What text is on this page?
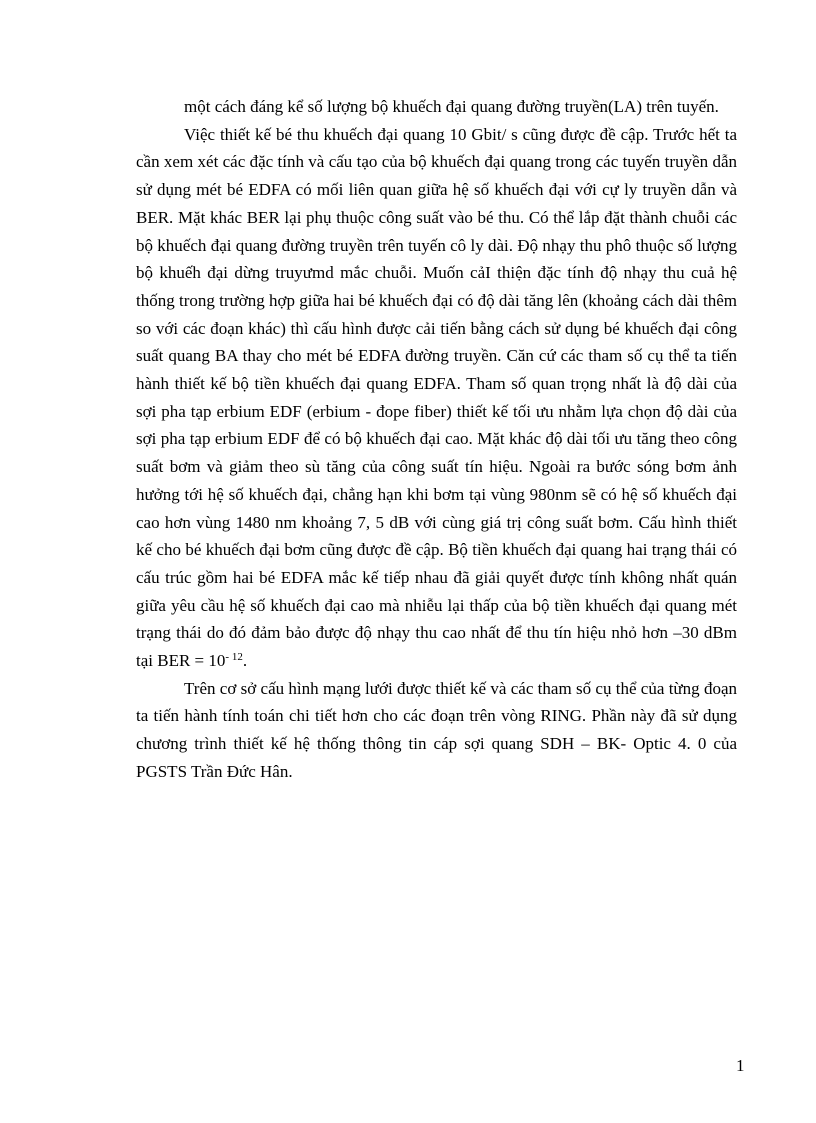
một cách đáng kể số lượng bộ khuếch đại quang đường truyền(LA) trên tuyến.

Việc thiết kế bé thu khuếch đại quang 10 Gbit/ s cũng được đề cập. Trước hết ta cần xem xét các đặc tính và cấu tạo của bộ khuếch đại quang trong các tuyến truyền dẫn sử dụng mét bé EDFA có mối liên quan giữa hệ số khuếch đại với cự ly truyền dẫn và BER. Mặt khác BER lại phụ thuộc công suất vào bé thu. Có thể lắp đặt thành chuỗi các bộ khuếch đại quang đường truyền trên tuyến cô ly dài. Độ nhạy thu phô thuộc số lượng bộ khuếh đại dừng truyưmd mắc chuỗi. Muốn cảI thiện đặc tính độ nhạy thu cuả hệ thống trong trường hợp giữa hai bé khuếch đại có độ dài tăng lên (khoảng cách dài thêm so với các đoạn khác) thì cấu hình được cải tiến bằng cách sử dụng bé khuếch đại công suất quang BA thay cho mét bé EDFA đường truyền. Căn cứ các tham số cụ thể ta tiến hành thiết kế bộ tiền khuếch đại quang EDFA. Tham số quan trọng nhất là độ dài của sợi pha tạp erbium EDF (erbium - đope fiber) thiết kế tối ưu nhằm lựa chọn độ dài của sợi pha tạp erbium EDF để có bộ khuếch đại cao. Mặt khác độ dài tối ưu tăng theo công suất bơm và giảm theo sù tăng của công suất tín hiệu. Ngoài ra bước sóng bơm ảnh hưởng tới hệ số khuếch đại, chẳng hạn khi bơm tại vùng 980nm sẽ có hệ số khuếch đại cao hơn vùng 1480 nm khoảng 7, 5 dB với cùng giá trị công suất bơm. Cấu hình thiết kế cho bé khuếch đại bơm cũng được đề cập. Bộ tiền khuếch đại quang hai trạng thái có cấu trúc gồm hai bé EDFA mắc kế tiếp nhau đã giải quyết được tính không nhất quán giữa yêu cầu hệ số khuếch đại cao mà nhiễu lại thấp của bộ tiền khuếch đại quang mét trạng thái do đó đảm bảo được độ nhạy thu cao nhất để thu tín hiệu nhỏ hơn –30 dBm tại BER = $10^{- 12}$.

Trên cơ sở cấu hình mạng lưới được thiết kế và các tham số cụ thể của từng đoạn ta tiến hành tính toán chi tiết hơn cho các đoạn trên vòng RING. Phần này đã sử dụng chương trình thiết kế hệ thống thông tin cáp sợi quang SDH – BK- Optic 4. 0 của PGSTS Trần Đức Hân.

1
